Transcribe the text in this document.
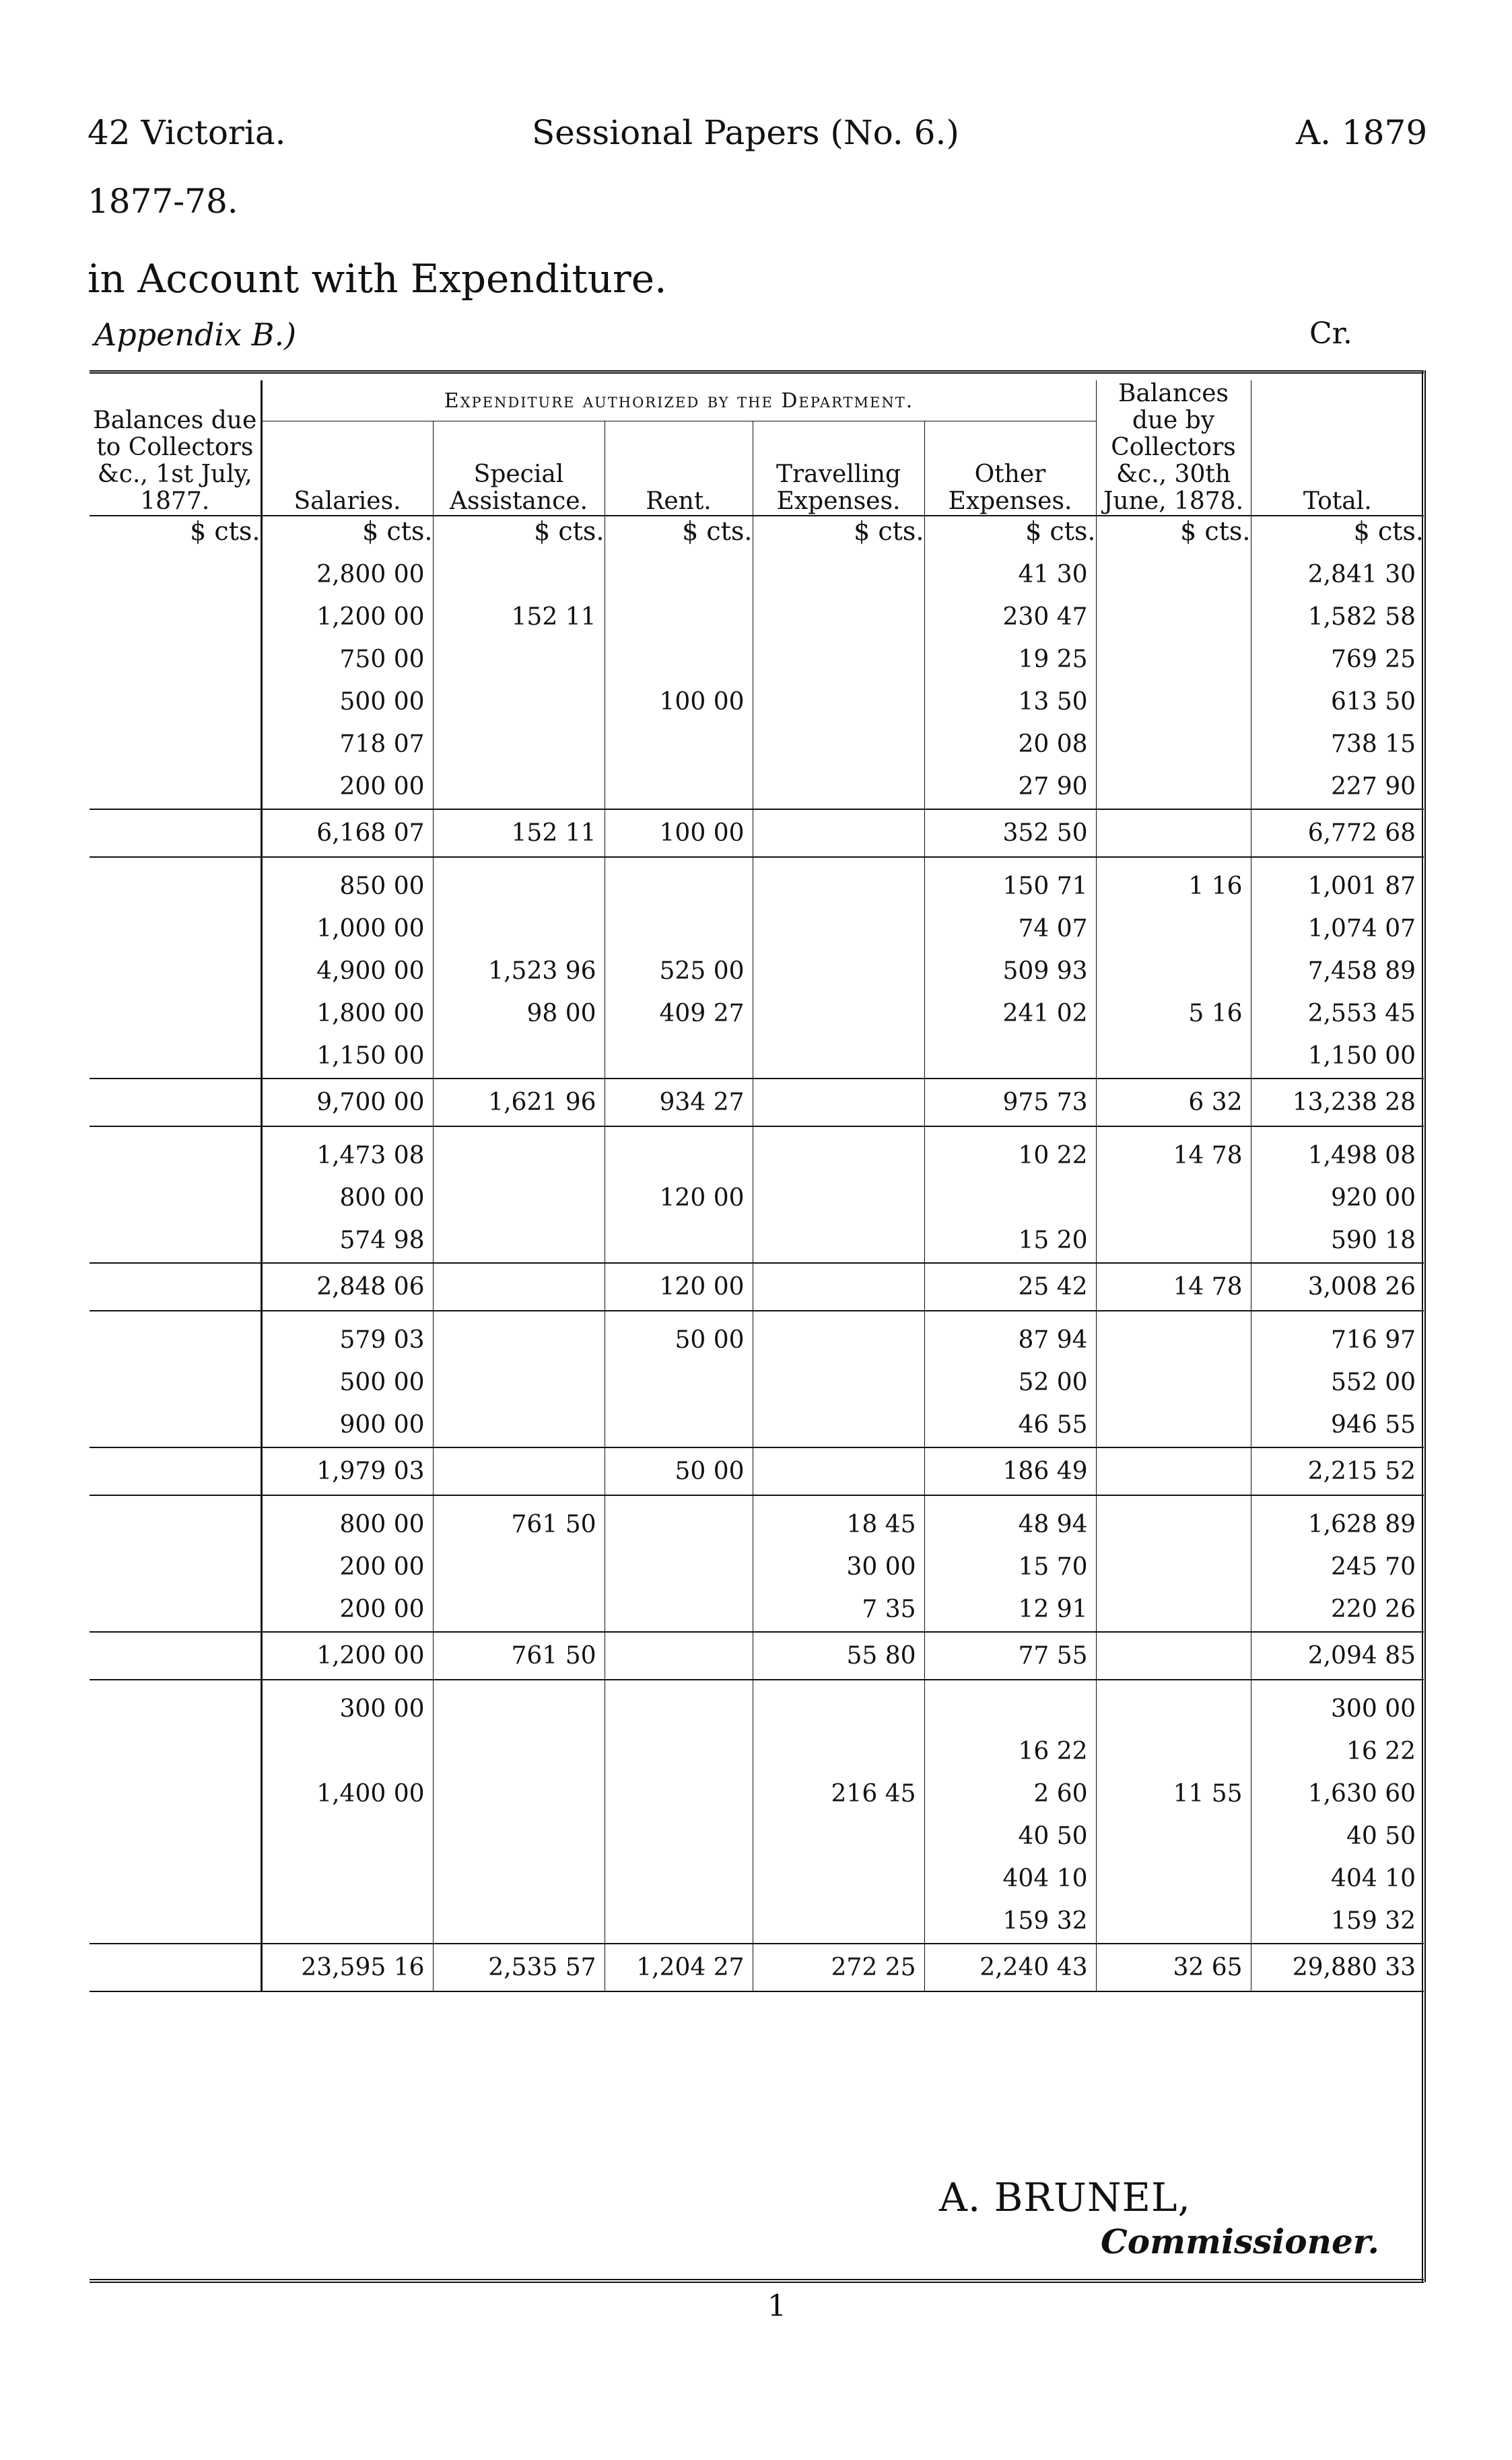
42 Victoria.	Sessional Papers (No. 6.)	A. 1879
1877-78.
in Account with Expenditure.
Appendix B.)	Cr.
Balances due to Collectors &c., 1st July, 1877.	Expenditure authorized by the Department.					Balances due by Collectors &c., 30th June, 1878.	Total.
	Salaries.	Special Assistance.	Rent.	Travelling Expenses.	Other Expenses.		
$ cts.	$ cts.	$ cts.	$ cts.	$ cts.	$ cts.	$ cts.	$ cts.
	2,800 00				41 30		2,841 30
	1,200 00	152 11			230 47		1,582 58
	750 00				19 25		769 25
	500 00		100 00		13 50		613 50
	718 07				20 08		738 15
	200 00				27 90		227 90
	6,168 07	152 11	100 00		352 50		6,772 68
	850 00				150 71	1 16	1,001 87
	1,000 00				74 07		1,074 07
	4,900 00	1,523 96	525 00		509 93		7,458 89
	1,800 00	98 00	409 27		241 02	5 16	2,553 45
	1,150 00						1,150 00
	9,700 00	1,621 96	934 27		975 73	6 32	13,238 28
	1,473 08				10 22	14 78	1,498 08
	800 00		120 00				920 00
	574 98				15 20		590 18
	2,848 06		120 00		25 42	14 78	3,008 26
	579 03		50 00		87 94		716 97
	500 00				52 00		552 00
	900 00				46 55		946 55
	1,979 03		50 00		186 49		2,215 52
	800 00	761 50		18 45	48 94		1,628 89
	200 00			30 00	15 70		245 70
	200 00			7 35	12 91		220 26
	1,200 00	761 50		55 80	77 55		2,094 85
	300 00						300 00
					16 22		16 22
	1,400 00			216 45	2 60	11 55	1,630 60
					40 50		40 50
					404 10		404 10
					159 32		159 32
	23,595 16	2,535 57	1,204 27	272 25	2,240 43	32 65	29,880 33
A. BRUNEL,
Commissioner.
1
